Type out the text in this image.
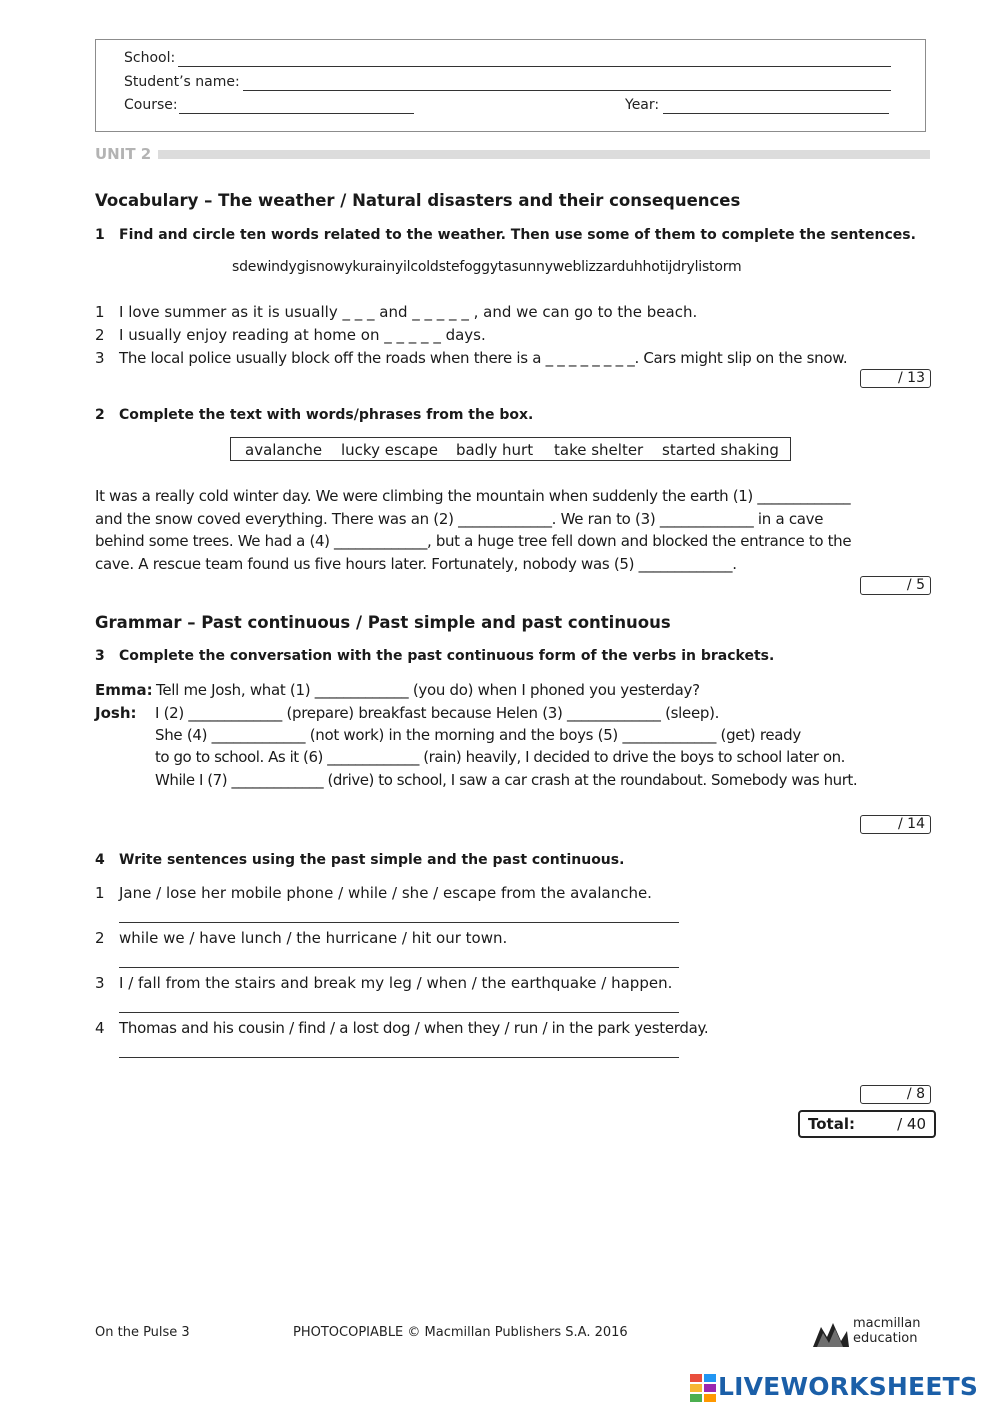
School:
Student’s name:
Course:	Year:
UNIT 2
Vocabulary – The weather / Natural disasters and their consequences
1 Find and circle ten words related to the weather. Then use some of them to complete the sentences.
sdewindygisnowykurainyilcoldstefoggytasunnyweblizzarduhhotijdrylistorm
1 I love summer as it is usually _ _ _ and _ _ _ _ _ , and we can go to the beach.
2 I usually enjoy reading at home on _ _ _ _ _ days.
3 The local police usually block off the roads when there is a _ _ _ _ _ _ _ _. Cars might slip on the snow.
/ 13
2 Complete the text with words/phrases from the box.
avalanche lucky escape badly hurt take shelter started shaking
It was a really cold winter day. We were climbing the mountain when suddenly the earth (1) _____________
and the snow coved everything. There was an (2) _____________. We ran to (3) _____________ in a cave
behind some trees. We had a (4) _____________, but a huge tree fell down and blocked the entrance to the
cave. A rescue team found us five hours later. Fortunately, nobody was (5) _____________.
/ 5
Grammar – Past continuous / Past simple and past continuous
3 Complete the conversation with the past continuous form of the verbs in brackets.
Emma: Tell me Josh, what (1) _____________ (you do) when I phoned you yesterday?
Josh: I (2) _____________ (prepare) breakfast because Helen (3) _____________ (sleep).
She (4) _____________ (not work) in the morning and the boys (5) _____________ (get) ready
to go to school. As it (6) _____________ (rain) heavily, I decided to drive the boys to school later on.
While I (7) _____________ (drive) to school, I saw a car crash at the roundabout. Somebody was hurt.
/ 14
4 Write sentences using the past simple and the past continuous.
1 Jane / lose her mobile phone / while / she / escape from the avalanche.
2 while we / have lunch / the hurricane / hit our town.
3 I / fall from the stairs and break my leg / when / the earthquake / happen.
4 Thomas and his cousin / find / a lost dog / when they / run / in the park yesterday.
/ 8
Total:	/ 40
On the Pulse 3	PHOTOCOPIABLE © Macmillan Publishers S.A. 2016
macmillan
education
LIVEWORKSHEETS
